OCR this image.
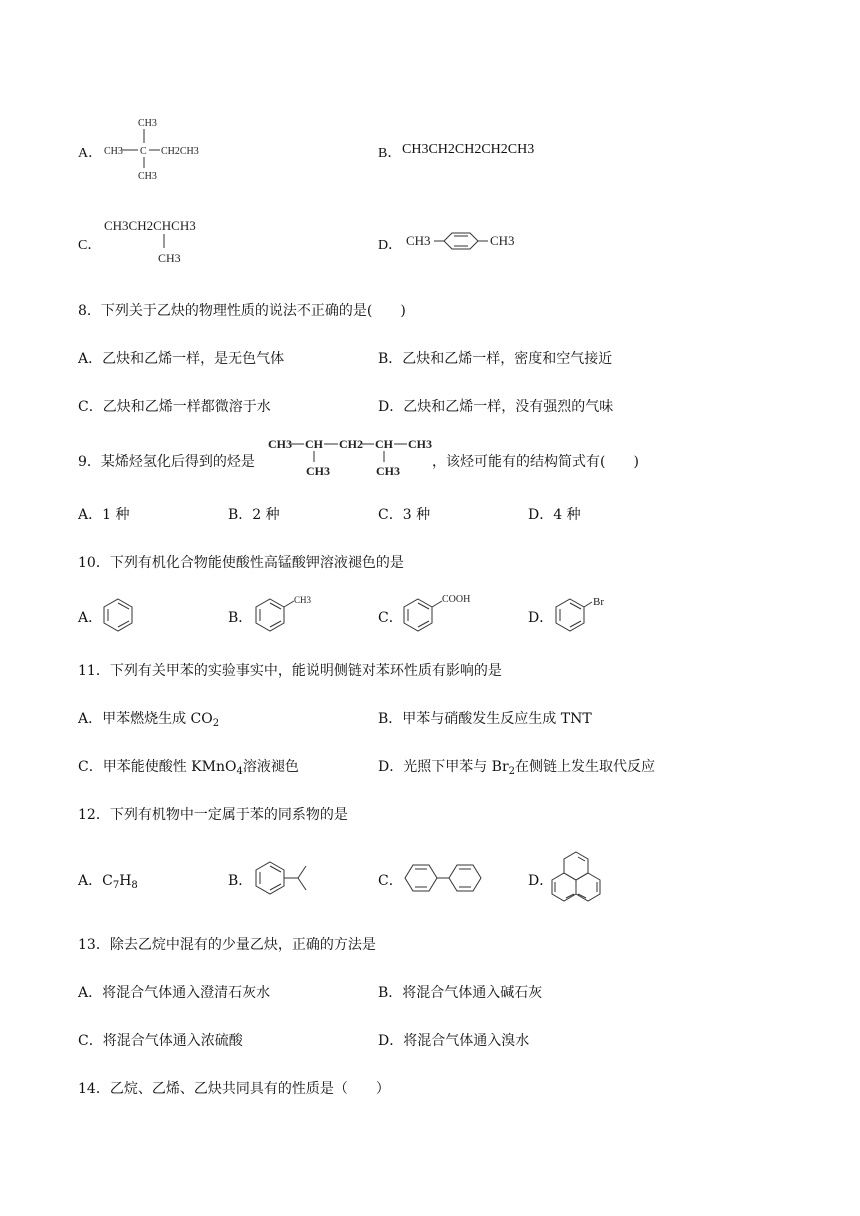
A．
CH3
CH3 C CH2CH3
CH3
B． CH3CH2CH2CH2CH3
C．
CH3CH2CHCH3
CH3
D． CH3	CH3
8．下列关于乙炔的物理性质的说法不正确的是(　　)
A．乙炔和乙烯一样，是无色气体	B．乙炔和乙烯一样，密度和空气接近
C．乙炔和乙烯一样都微溶于水	D．乙炔和乙烯一样，没有强烈的气味
9．某烯烃氢化后得到的烃是
CH3 CH CH2 CH CH3
CH3	CH3
，该烃可能有的结构简式有(　　)
A．1 种	B．2 种	C．3 种	D．4 种
10．下列有机化合物能使酸性高锰酸钾溶液褪色的是
A．	B．
CH3
C．
COOH
D．
Br
11．下列有关甲苯的实验事实中，能说明侧链对苯环性质有影响的是
A．甲苯燃烧生成 $CO_2$	B．甲苯与硝酸发生反应生成 TNT
C．甲苯能使酸性 KMnO$_4$溶液褪色	D．光照下甲苯与 $Br_2$在侧链上发生取代反应
12．下列有机物中一定属于苯的同系物的是
A．$C_7H_8$	B．	C．	D．
13．除去乙烷中混有的少量乙炔，正确的方法是
A．将混合气体通入澄清石灰水	B．将混合气体通入碱石灰
C．将混合气体通入浓硫酸	D．将混合气体通入溴水
14．乙烷、乙烯、乙炔共同具有的性质是（　　）
